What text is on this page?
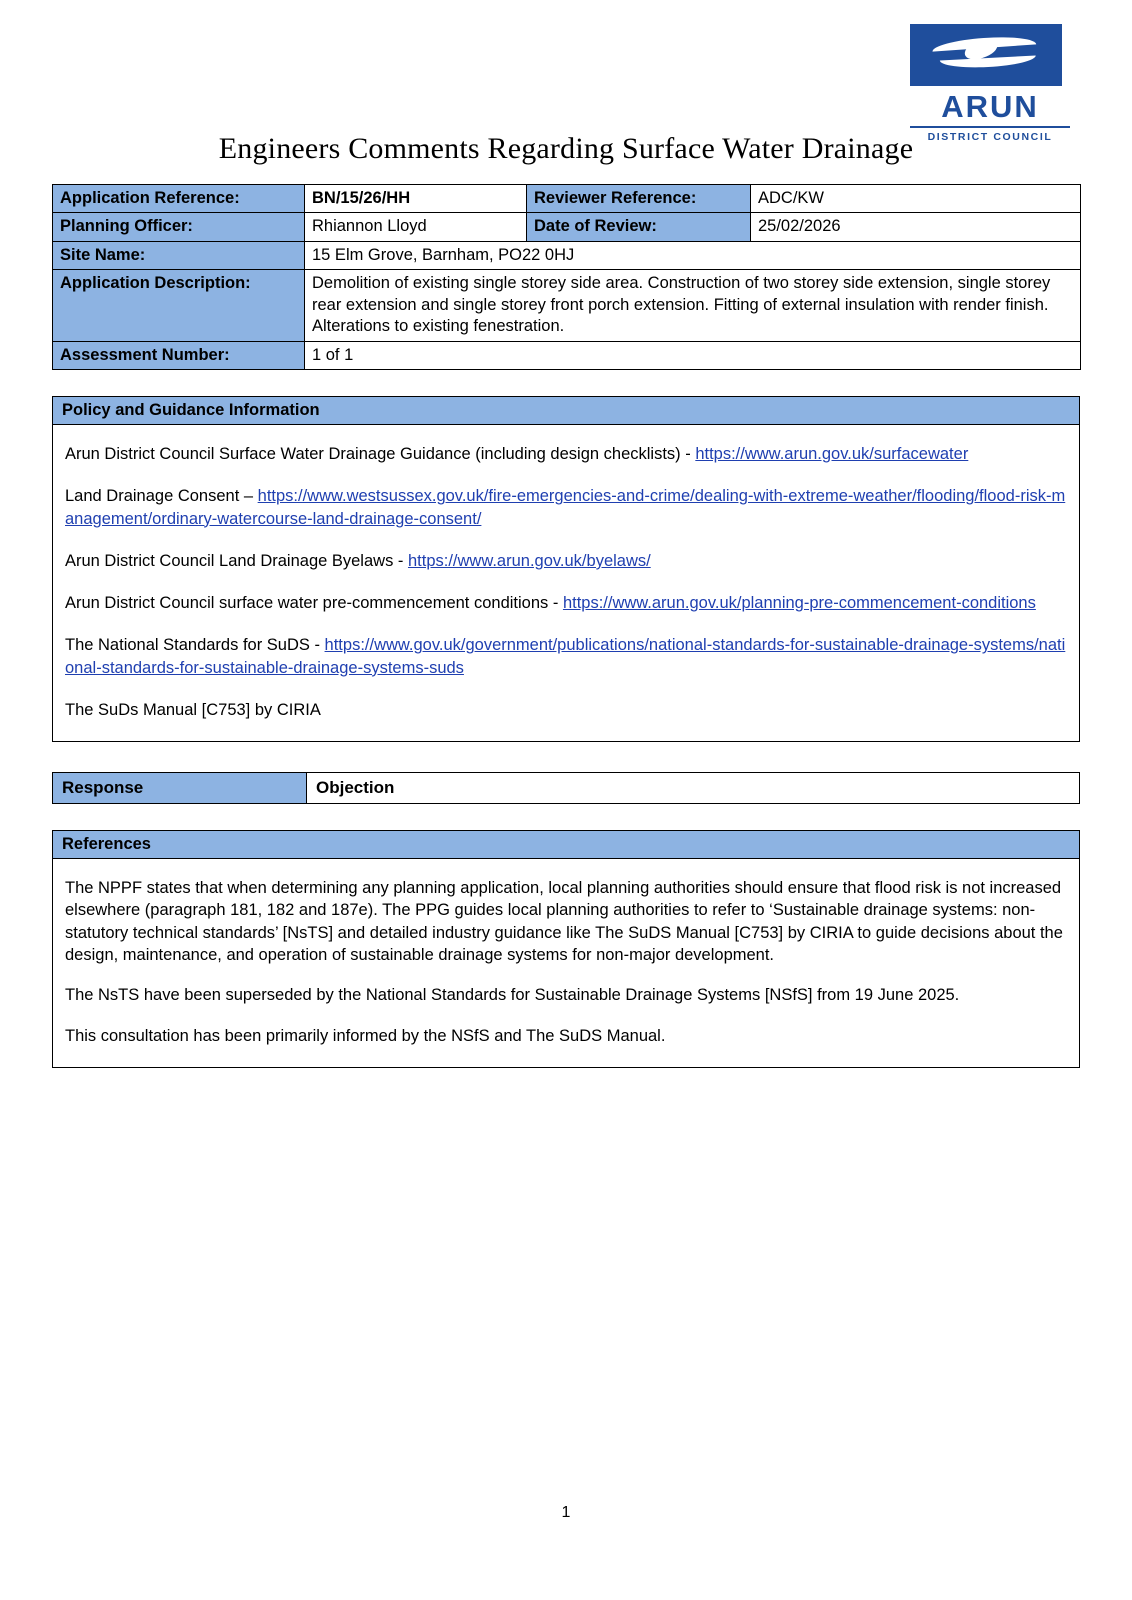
ARUN
DISTRICT COUNCIL
Engineers Comments Regarding Surface Water Drainage
Application Reference:	BN/15/26/HH	Reviewer Reference:	ADC/KW
Planning Officer:	Rhiannon Lloyd	Date of Review:	25/02/2026
Site Name:	15 Elm Grove, Barnham, PO22 0HJ		
Application Description:	Demolition of existing single storey side area. Construction of two storey side extension, single storey rear extension and single storey front porch extension. Fitting of external insulation with render finish. Alterations to existing fenestration.		
Assessment Number:	1 of 1		
Policy and Guidance Information

Arun District Council Surface Water Drainage Guidance (including design checklists) - https://www.arun.gov.uk/surfacewater

Land Drainage Consent – https://www.westsussex.gov.uk/fire-emergencies-and-crime/dealing-with-extreme-weather/flooding/flood-risk-management/ordinary-watercourse-land-drainage-consent/

Arun District Council Land Drainage Byelaws - https://www.arun.gov.uk/byelaws/

Arun District Council surface water pre-commencement conditions - https://www.arun.gov.uk/planning-pre-commencement-conditions

The National Standards for SuDS - https://www.gov.uk/government/publications/national-standards-for-sustainable-drainage-systems/national-standards-for-sustainable-drainage-systems-suds

The SuDs Manual [C753] by CIRIA

Response	Objection
References

The NPPF states that when determining any planning application, local planning authorities should ensure that flood risk is not increased elsewhere (paragraph 181, 182 and 187e). The PPG guides local planning authorities to refer to ‘Sustainable drainage systems: non-statutory technical standards’ [NsTS] and detailed industry guidance like The SuDS Manual [C753] by CIRIA to guide decisions about the design, maintenance, and operation of sustainable drainage systems for non-major development.

The NsTS have been superseded by the National Standards for Sustainable Drainage Systems [NSfS] from 19 June 2025.

This consultation has been primarily informed by the NSfS and The SuDS Manual.

1
